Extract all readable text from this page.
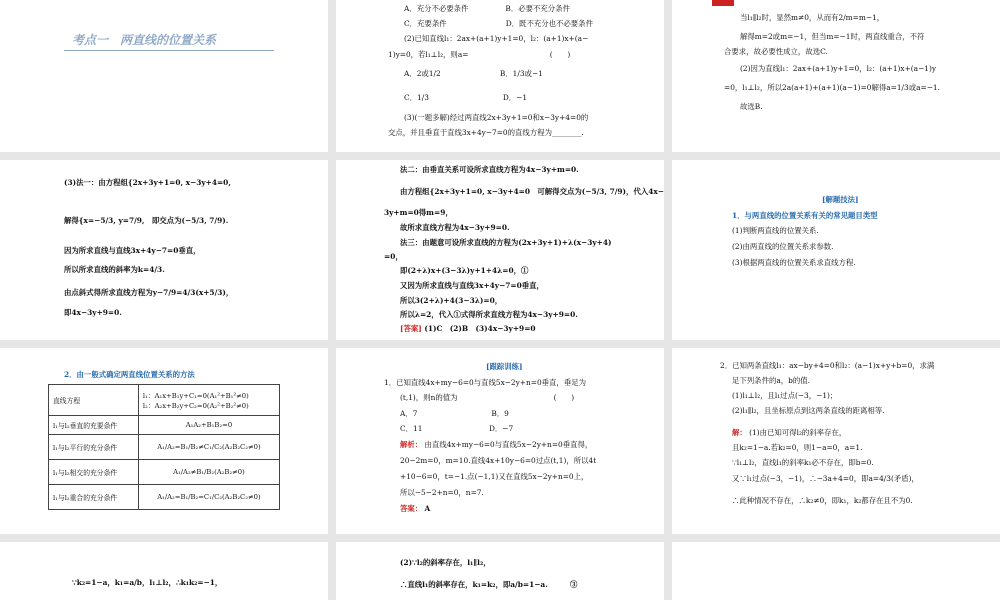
考点一　两直线的位置关系
A．充分不必要条件　　　　　B．必要不充分条件
C．充要条件　　　　　　　　D．既不充分也不必要条件
(2)已知直线l₁：2ax+(a+1)y+1=0，l₂：(a+1)x+(a−
1)y=0，若l₁⊥l₂，则a=　　　　　　　　　　　(　　)
A．2或1/2　　　　　　　　B．1/3或−1
C．1/3　　　　　　　　　　D．−1
(3)(一题多解)经过两直线2x+3y+1=0和x−3y+4=0的
交点，并且垂直于直线3x+4y−7=0的直线方程为________.
当l₁∥l₂时，显然m≠0，从而有2/m=m−1，
解得m=2或m=−1，但当m=−1时，两直线重合，不符
合要求，故必要性成立，故选C.
(2)因为直线l₁：2ax+(a+1)y+1=0，l₂：(a+1)x+(a−1)y
=0，l₁⊥l₂，所以2a(a+1)+(a+1)(a−1)=0解得a=1/3或a=−1.
故选B.
(3)法一：由方程组{2x+3y+1=0, x−3y+4=0,
解得{x=−5/3, y=7/9,　即交点为(−5/3, 7/9).
因为所求直线与直线3x+4y−7=0垂直，
所以所求直线的斜率为k=4/3.
由点斜式得所求直线方程为y−7/9=4/3(x+5/3)，
即4x−3y+9=0.
法二：由垂直关系可设所求直线方程为4x−3y+m=0.
由方程组{2x+3y+1=0, x−3y+4=0　可解得交点为(−5/3, 7/9)，代入4x−
3y+m=0得m=9，
故所求直线方程为4x−3y+9=0.
法三：由题意可设所求直线的方程为(2x+3y+1)+λ(x−3y+4)
=0，
即(2+λ)x+(3−3λ)y+1+4λ=0，①
又因为所求直线与直线3x+4y−7=0垂直，
所以3(2+λ)+4(3−3λ)=0，
所以λ=2，代入①式得所求直线方程为4x−3y+9=0.
[答案] (1)C　(2)B　(3)4x−3y+9=0
[解题技法]
1．与两直线的位置关系有关的常见题目类型
(1)判断两直线的位置关系.
(2)由两直线的位置关系求参数.
(3)根据两直线的位置关系求直线方程.
2．由一般式确定两直线位置关系的方法
直线方程	l₁：A₁x+B₁y+C₁=0(A₁²+B₁²≠0)
l₂：A₂x+B₂y+C₂=0(A₂²+B₂²≠0)

l₁与l₂垂直的充要条件	A₁A₂+B₁B₂=0
l₁与l₂平行的充分条件	A₁/A₂=B₁/B₂≠C₁/C₂(A₂B₂C₂≠0)
l₁与l₂相交的充分条件	A₁/A₂≠B₁/B₂(A₂B₂≠0)
l₁与l₂重合的充分条件	A₁/A₂=B₁/B₂=C₁/C₂(A₂B₂C₂≠0)
[跟踪训练]
1．已知直线4x+my−6=0与直线5x−2y+n=0垂直，垂足为
(t,1)，则n的值为　　　　　　　　　　　　　(　　)
A．7　　　　　　　　　　B．9
C．11　　　　　　　　　D．−7
解析： 由直线4x+my−6=0与直线5x−2y+n=0垂直得，
20−2m=0，m=10.直线4x+10y−6=0过点(t,1)，所以4t
+10−6=0，t=−1.点(−1,1)又在直线5x−2y+n=0上，
所以−5−2+n=0，n=7.
答案： A
2．已知两条直线l₁：ax−by+4=0和l₂：(a−1)x+y+b=0，求满
足下列条件的a，b的值.
(1)l₁⊥l₂，且l₁过点(−3，−1)；
(2)l₁∥l₂，且坐标原点到这两条直线的距离相等.
解： (1)由已知可得l₂的斜率存在，
且k₂=1−a.若k₂=0，则1−a=0，a=1.
∵l₁⊥l₂，直线l₁的斜率k₁必不存在，即b=0.
又∵l₁过点(−3，−1)，∴−3a+4=0，即a=4/3(矛盾)，
∴此种情况不存在，∴k₂≠0，即k₁，k₂都存在且不为0.
∵k₂=1−a，k₁=a/b，l₁⊥l₂，∴k₁k₂=−1，
(2)∵l₂的斜率存在，l₁∥l₂，
∴直线l₁的斜率存在，k₁=k₂，即a/b=1−a.　　　③
